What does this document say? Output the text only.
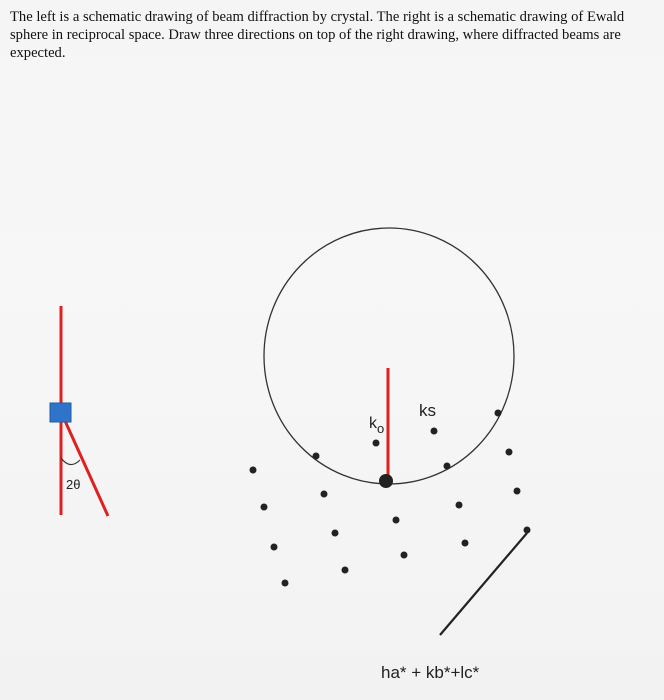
The left is a schematic drawing of beam diffraction by crystal. The right is a schematic drawing of Ewald sphere in reciprocal space. Draw three directions on top of the right drawing, where diffracted beams are expected.

2θ
$k_o$
ks
ha* + kb*+lc*
